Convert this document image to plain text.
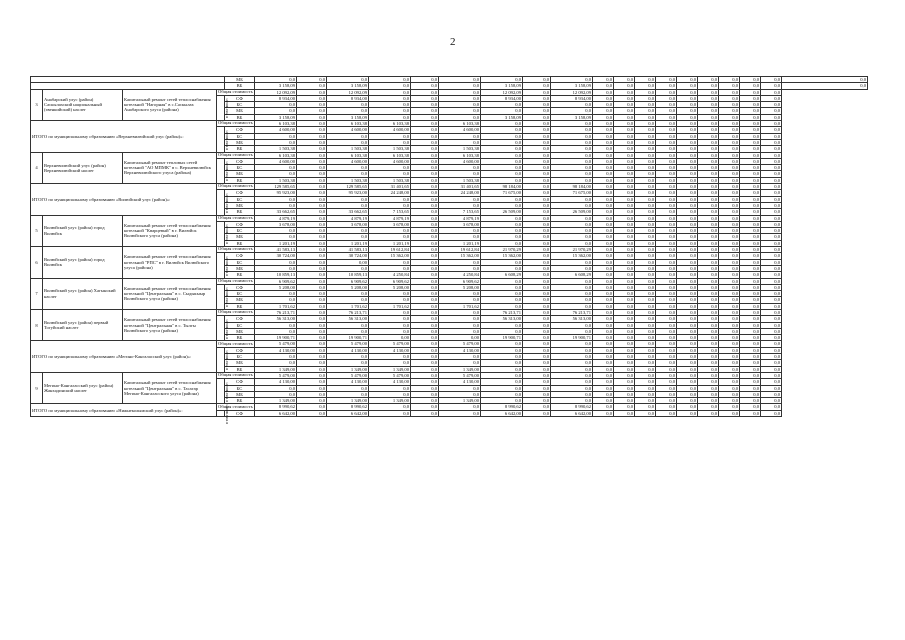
2
				МБ	0,0	0,0	0,0	0,0	0,0	0,0	0,0	0,0	0,0	0,0	0,0	0,0	0,0	0,0	0,0	0,0	0,0	0,0	0,0
				ВБ	3 158,09	0,0	3 158,09	0,0	0,0	0,0	3 158,09	0,0	3 158,09	0,0	0,0	0,0	0,0	0,0	0,0	0,0	0,0	0,0	0,0
3	Анабарский улус (район) Саскылахский национальный (эвенкийский) наслег	Капитальный ремонт сетей теплоснабжения котельной "Нагорная" в с.Саскылах Анабарского улуса (района)	Общая стоимость		12 092,09	0,0	12 092,09	0,0	0,0	0,0	12 092,09	0,0	12 092,09	0,0	0,0	0,0	0,0	0,0	0,0	0,0	0,0	0,0	
			в том числе:	СФ	8 934,00	0,0	8 934,00	0,0	0,0	0,0	8 934,00	0,0	8 934,00	0,0	0,0	0,0	0,0	0,0	0,0	0,0	0,0	0,0	
				БС	0,0	0,0	0,0	0,0	0,0	0,0	0,0	0,0	0,0	0,0	0,0	0,0	0,0	0,0	0,0	0,0	0,0	0,0	
				МБ	0,0	0,0	0,0	0,0	0,0	0,0	0,0	0,0	0,0	0,0	0,0	0,0	0,0	0,0	0,0	0,0	0,0	0,0	
				ВБ	3 158,09	0,0	3 158,09	0,0	0,0	0,0	3 158,09	0,0	3 158,09	0,0	0,0	0,0	0,0	0,0	0,0	0,0	0,0	0,0	
ИТОГО по муниципальному образованию «Верхневилюйский улус (район)»:			Общая стоимость		6 103,38	0,0	6 103,38	6 103,38	0,0	6 103,38	0,0	0,0	0,0	0,0	0,0	0,0	0,0	0,0	0,0	0,0	0,0	0,0	
			в том числе:	СФ	4 600,00	0,0	4 600,00	4 600,00	0,0	4 600,00	0,0	0,0	0,0	0,0	0,0	0,0	0,0	0,0	0,0	0,0	0,0	0,0	
				БС	0,0	0,0	0,0	0,0	0,0	0,0	0,0	0,0	0,0	0,0	0,0	0,0	0,0	0,0	0,0	0,0	0,0	0,0	
				МБ	0,0	0,0	0,0	0,0	0,0	0,0	0,0	0,0	0,0	0,0	0,0	0,0	0,0	0,0	0,0	0,0	0,0	0,0	
				ВБ	1 503,38	0,0	1 503,38	1 503,38	0,0	1 503,38	0,0	0,0	0,0	0,0	0,0	0,0	0,0	0,0	0,0	0,0	0,0	0,0	
4	Верхневилюйский улус (район) Верхневилюйский наслег	Капитальный ремонт тепловых сетей котельной "АО МПМК" в с. Верхневилюйск Верхневилюйского улуса (района)	Общая стоимость		6 103,38	0,0	6 103,38	6 103,38	0,0	6 103,38	0,0	0,0	0,0	0,0	0,0	0,0	0,0	0,0	0,0	0,0	0,0	0,0	
			в том числе:	СФ	4 600,00	0,0	4 600,00	4 600,00	0,0	4 600,00	0,0	0,0	0,0	0,0	0,0	0,0	0,0	0,0	0,0	0,0	0,0	0,0	
				БС	0,0	0,0	0,0	0,0	0,0	0,0	0,0	0,0	0,0	0,0	0,0	0,0	0,0	0,0	0,0	0,0	0,0	0,0	
				МБ	0,0	0,0	0,0	0,0	0,0	0,0	0,0	0,0	0,0	0,0	0,0	0,0	0,0	0,0	0,0	0,0	0,0	0,0	
				ВБ	1 503,38	0,0	1 503,38	1 503,38	0,0	1 503,38	0,0	0,0	0,0	0,0	0,0	0,0	0,0	0,0	0,0	0,0	0,0	0,0	
ИТОГО по муниципальному образованию «Вилюйский улус (район)»:			Общая стоимость		129 585,65	0,0	129 585,65	31 401,65	0,0	31 401,65	98 184,00	0,0	98 184,00	0,0	0,0	0,0	0,0	0,0	0,0	0,0	0,0	0,0	
			в том числе:	СФ	95 923,00	0,0	95 923,00	24 248,00	0,0	24 248,00	71 675,00	0,0	71 675,00	0,0	0,0	0,0	0,0	0,0	0,0	0,0	0,0	0,0	
				БС	0,0	0,0	0,0	0,0	0,0	0,0	0,0	0,0	0,0	0,0	0,0	0,0	0,0	0,0	0,0	0,0	0,0	0,0	
				МБ	0,0	0,0	0,0	0,0	0,0	0,0	0,0	0,0	0,0	0,0	0,0	0,0	0,0	0,0	0,0	0,0	0,0	0,0	
				ВБ	33 662,65	0,0	33 662,65	7 153,65	0,0	7 153,65	26 509,00	0,0	26 509,00	0,0	0,0	0,0	0,0	0,0	0,0	0,0	0,0	0,0	
5	Вилюйский улус (район) город Вилюйск	Капитальный ремонт сетей теплоснабжения котельной "Кварцевый" в г. Вилюйск Вилюйского улуса (района)	Общая стоимость		4 879,19	0,0	4 879,19	4 879,19	0,0	4 879,19	0,0	0,0	0,0	0,0	0,0	0,0	0,0	0,0	0,0	0,0	0,0	0,0	
			в том числе:	СФ	3 678,00	0,0	3 678,00	3 678,00	0,0	3 678,00	0,0	0,0	0,0	0,0	0,0	0,0	0,0	0,0	0,0	0,0	0,0	0,0	
				БС	0,0	0,0	0,0	0,0	0,0	0,0	0,0	0,0	0,0	0,0	0,0	0,0	0,0	0,0	0,0	0,0	0,0	0,0	
				МБ	0,0	0,0	0,0	0,0	0,0	0,0	0,0	0,0	0,0	0,0	0,0	0,0	0,0	0,0	0,0	0,0	0,0	0,0	
				ВБ	1 201,19	0,0	1 201,19	1 201,19	0,0	1 201,19	0,0	0,0	0,0	0,0	0,0	0,0	0,0	0,0	0,0	0,0	0,0	0,0	
6	Вилюйский улус (район) город Вилюйск	Капитальный ремонт сетей теплоснабжения котельной "РПС" в г. Вилюйск Вилюйского улуса (района)	Общая стоимость		41 583,13	0,0	41 583,13	19 612,84	0,0	19 612,84	21 970,29	0,0	21 970,29	0,0	0,0	0,0	0,0	0,0	0,0	0,0	0,0	0,0	
			в том числе:	СФ	30 724,00	0,0	30 724,00	15 362,00	0,0	15 362,00	15 362,00	0,0	15 362,00	0,0	0,0	0,0	0,0	0,0	0,0	0,0	0,0	0,0	
				БС	0,0	0,0	0,00	0,0	0,0	0,0	0,0	0,0	0,0	0,0	0,0	0,0	0,0	0,0	0,0	0,0	0,0	0,0	
				МБ	0,0	0,0	0,0	0,0	0,0	0,0	0,0	0,0	0,0	0,0	0,0	0,0	0,0	0,0	0,0	0,0	0,0	0,0	
				ВБ	10 859,13	0,0	10 859,13	4 250,84	0,0	4 250,84	6 608,29	0,0	6 608,29	0,0	0,0	0,0	0,0	0,0	0,0	0,0	0,0	0,0	
7	Вилюйский улус (район) Хагынский наслег	Капитальный ремонт сетей теплоснабжения котельной "Центральная" в с. Сыдыкыыр Вилюйского улуса (района)	Общая стоимость		6 909,62	0,0	6 909,62	6 909,62	0,0	6 909,62	0,0	0,0	0,0	0,0	0,0	0,0	0,0	0,0	0,0	0,0	0,0	0,0	
			в том числе:	СФ	5 208,00	0,0	5 208,00	5 208,00	0,0	5 208,00	0,0	0,0	0,0	0,0	0,0	0,0	0,0	0,0	0,0	0,0	0,0	0,0	
				БС	0,0	0,0	0,0	0,0	0,0	0,0	0,0	0,0	0,0	0,0	0,0	0,0	0,0	0,0	0,0	0,0	0,0	0,0	
				МБ	0,0	0,0	0,0	0,0	0,0	0,0	0,0	0,0	0,0	0,0	0,0	0,0	0,0	0,0	0,0	0,0	0,0	0,0	
				ВБ	1 701,62	0,0	1 701,62	1 701,62	0,0	1 701,62	0,0	0,0	0,0	0,0	0,0	0,0	0,0	0,0	0,0	0,0	0,0	0,0	
8	Вилюйский улус (район) первый Тогуйский наслег	Капитальный ремонт сетей теплоснабжения котельной "Центральная" в с. Тылгы Вилюйского улуса (района)	Общая стоимость		76 213,71	0,0	76 213,71	0,0	0,0	0,0	76 213,71	0,0	76 213,71	0,0	0,0	0,0	0,0	0,0	0,0	0,0	0,0	0,0	
			в том числе:	СФ	56 313,00	0,0	56 313,00	0,0	0,0	0,0	56 313,00	0,0	56 313,00	0,0	0,0	0,0	0,0	0,0	0,0	0,0	0,0	0,0	
				БС	0,0	0,0	0,0	0,0	0,0	0,0	0,0	0,0	0,0	0,0	0,0	0,0	0,0	0,0	0,0	0,0	0,0	0,0	
				МБ	0,0	0,0	0,0	0,0	0,0	0,0	0,0	0,0	0,0	0,0	0,0	0,0	0,0	0,0	0,0	0,0	0,0	0,0	
				ВБ	19 900,71	0,0	19 900,71	0,00	0,0	0,00	19 900,71	0,0	19 900,71	0,0	0,0	0,0	0,0	0,0	0,0	0,0	0,0	0,0	
ИТОГО по муниципальному образованию «Мегино-Кангаласский улус (район)»:			Общая стоимость		5 479,00	0,0	5 479,00	5 479,00	0,0	5 479,00	0,0	0,0	0,0	0,0	0,0	0,0	0,0	0,0	0,0	0,0	0,0	0,0	
			в том числе:	СФ	4 130,00	0,0	4 130,00	4 130,00	0,0	4 130,00	0,0	0,0	0,0	0,0	0,0	0,0	0,0	0,0	0,0	0,0	0,0	0,0	
				БС	0,0	0,0	0,0	0,0	0,0	0,0	0,0	0,0	0,0	0,0	0,0	0,0	0,0	0,0	0,0	0,0	0,0	0,0	
				МБ	0,0	0,0	0,0	0,0	0,0	0,0	0,0	0,0	0,0	0,0	0,0	0,0	0,0	0,0	0,0	0,0	0,0	0,0	
				ВБ	1 349,00	0,0	1 349,00	1 349,00	0,0	1 349,00	0,0	0,0	0,0	0,0	0,0	0,0	0,0	0,0	0,0	0,0	0,0	0,0	
9	Мегино-Кангаласский улус (район) Жанхадинский наслег	Капитальный ремонт сетей теплоснабжения котельной "Центральная" в с. Тасагар Мегино-Кангаласского улуса (района)	Общая стоимость		5 479,00	0,0	5 479,00	5 479,00	0,0	5 479,00	0,0	0,0	0,0	0,0	0,0	0,0	0,0	0,0	0,0	0,0	0,0	0,0	
			в том числе:	СФ	4 130,00	0,0	4 130,00	4 130,00	0,0	4 130,00	0,0	0,0	0,0	0,0	0,0	0,0	0,0	0,0	0,0	0,0	0,0	0,0	
				БС	0,0	0,0	0,0	0,0	0,0	0,0	0,0	0,0	0,0	0,0	0,0	0,0	0,0	0,0	0,0	0,0	0,0	0,0	
				МБ	0,0	0,0	0,0	0,0	0,0	0,0	0,0	0,0	0,0	0,0	0,0	0,0	0,0	0,0	0,0	0,0	0,0	0,0	
				ВБ	1 349,00	0,0	1 349,00	1 349,00	0,0	1 349,00	0,0	0,0	0,0	0,0	0,0	0,0	0,0	0,0	0,0	0,0	0,0	0,0	
ИТОГО по муниципальному образованию «Нижнеколымский улус (район)»:			Общая стоимость		8 990,62	0,0	8 990,62	0,0	0,0	0,0	8 990,62	0,0	8 990,62	0,0	0,0	0,0	0,0	0,0	0,0	0,0	0,0	0,0	
			в том числе:	СФ	6 642,00	0,0	6 642,00	0,0	0,0	0,0	6 642,00	0,0	6 642,00	0,0	0,0	0,0	0,0	0,0	0,0	0,0	0,0	0,0	
